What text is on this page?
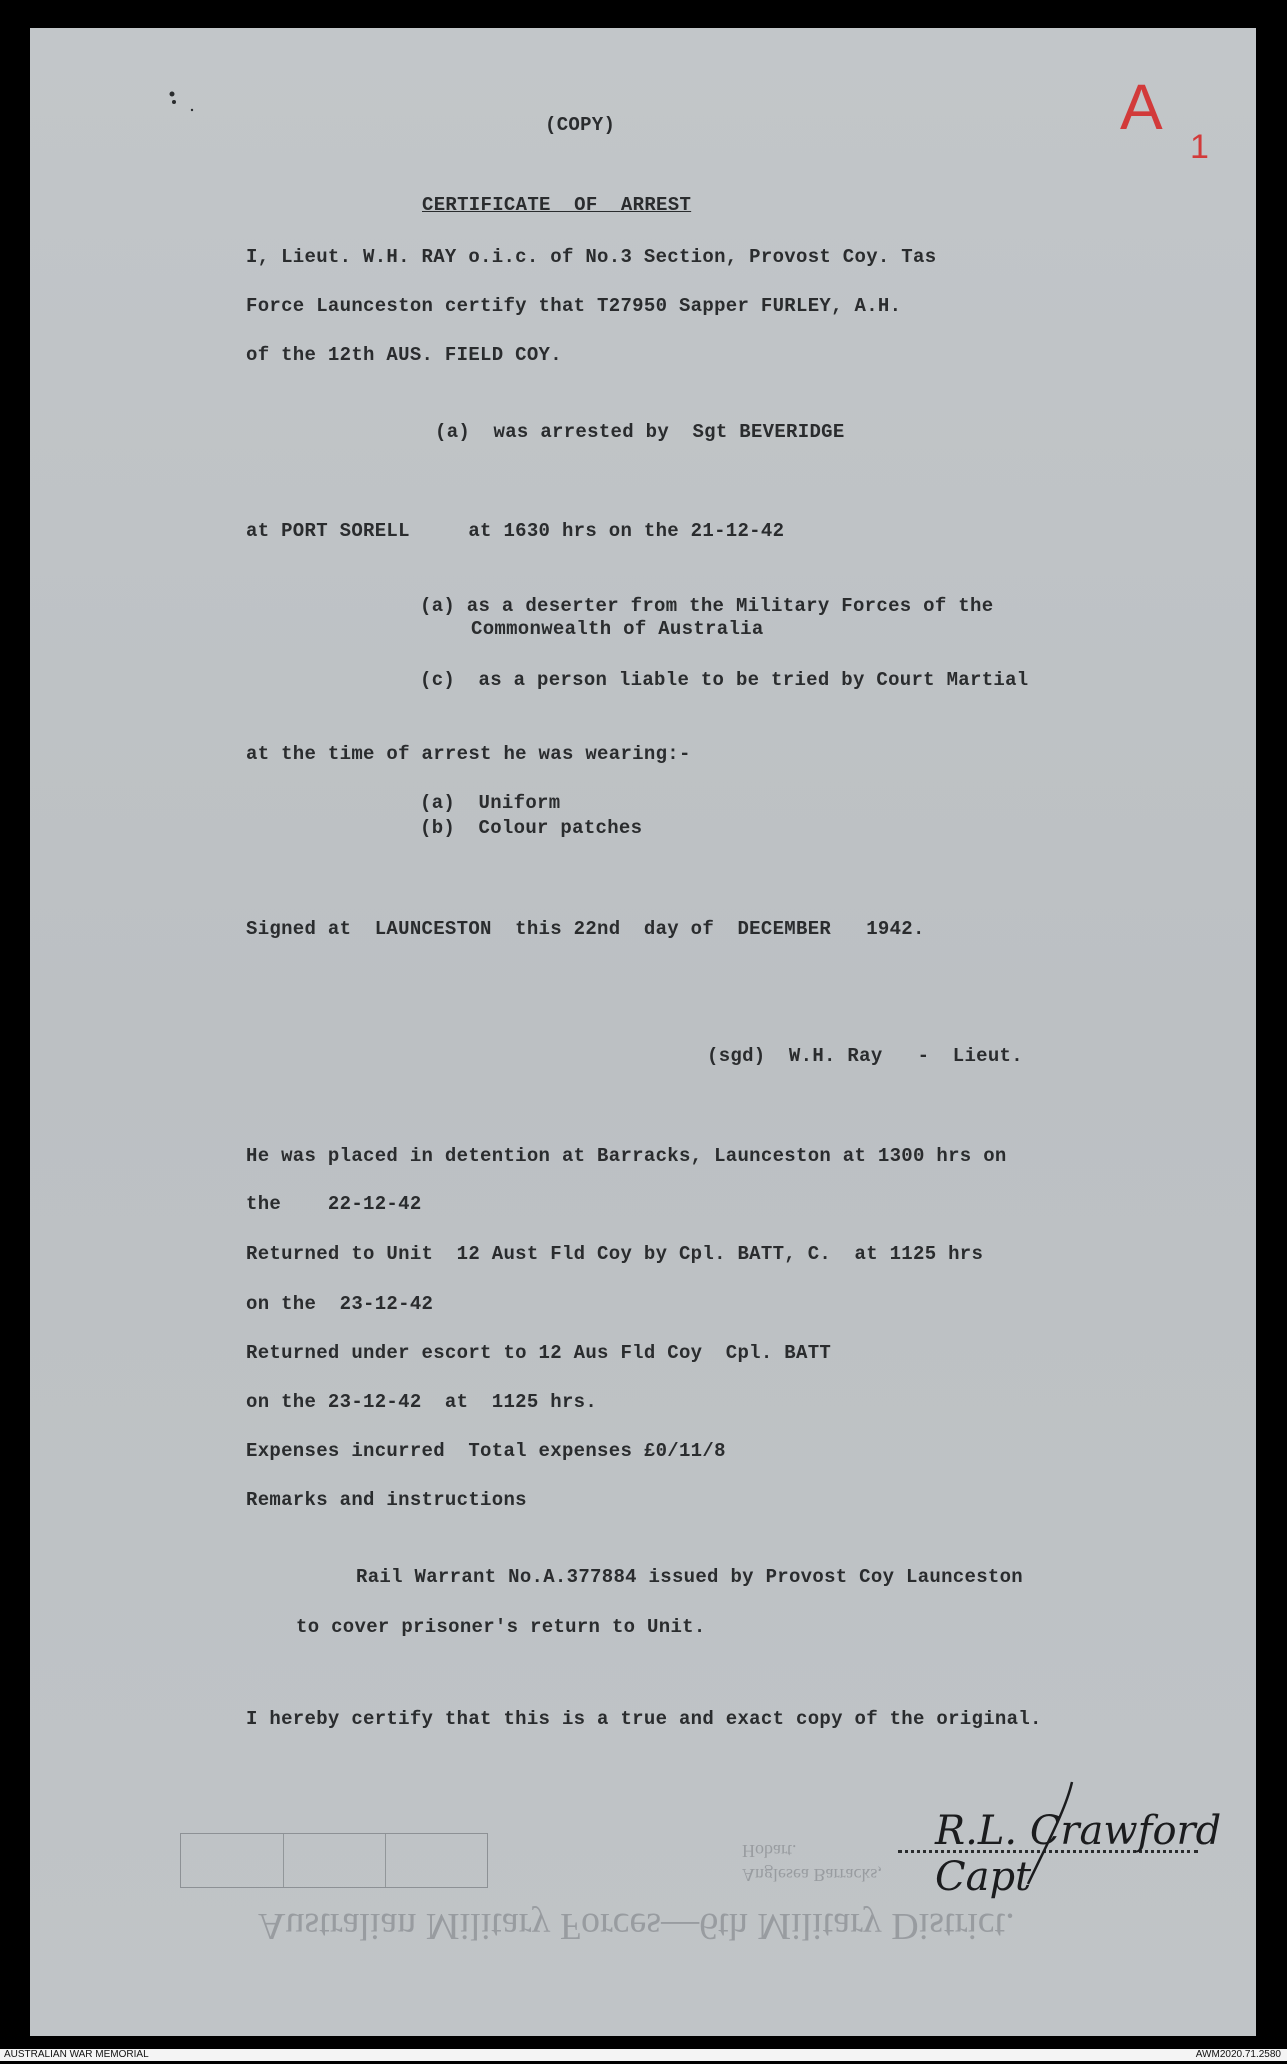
A
1
(COPY)
CERTIFICATE  OF  ARREST
I, Lieut. W.H. RAY o.i.c. of No.3 Section, Provost Coy. Tas
Force Launceston certify that T27950 Sapper FURLEY, A.H.
of the 12th AUS. FIELD COY.
(a)  was arrested by  Sgt BEVERIDGE
at PORT SORELL     at 1630 hrs on the 21-12-42
(a) as a deserter from the Military Forces of the
Commonwealth of Australia
(c)  as a person liable to be tried by Court Martial
at the time of arrest he was wearing:-
(a)  Uniform
(b)  Colour patches
Signed at  LAUNCESTON  this 22nd  day of  DECEMBER   1942.
(sgd)  W.H. Ray   -  Lieut.
He was placed in detention at Barracks, Launceston at 1300 hrs on
the    22-12-42
Returned to Unit  12 Aust Fld Coy by Cpl. BATT, C.  at 1125 hrs
on the  23-12-42
Returned under escort to 12 Aus Fld Coy  Cpl. BATT
on the 23-12-42  at  1125 hrs.
Expenses incurred  Total expenses £0/11/8
Remarks and instructions
Rail Warrant No.A.377884 issued by Provost Coy Launceston
to cover prisoner's return to Unit.
I hereby certify that this is a true and exact copy of the original.
Hobart.
Anglesea Barracks,
Australian Military Forces—6th Military District.
R.L. Crawford Capt
AUSTRALIAN WAR MEMORIAL	AWM2020.71.2580
